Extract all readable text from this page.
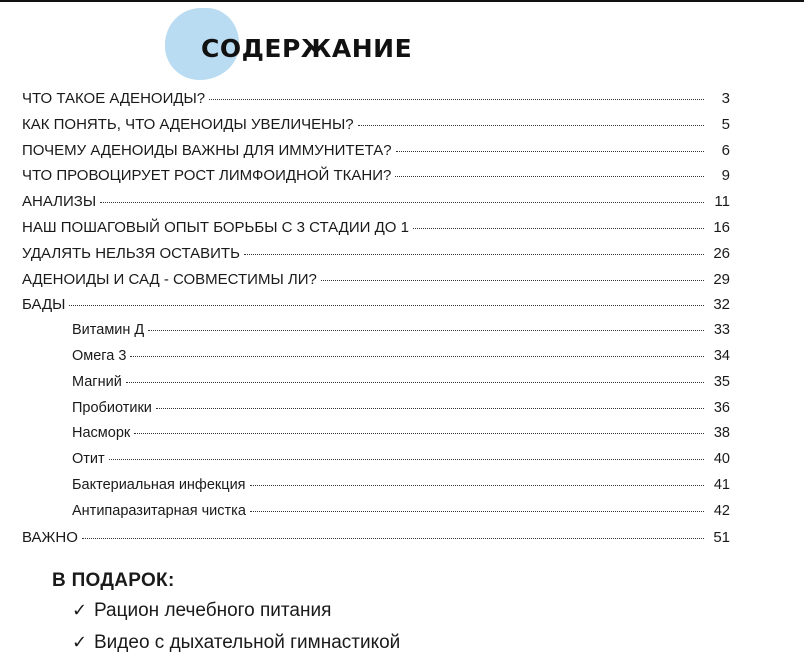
СОДЕРЖАНИЕ
ЧТО ТАКОЕ АДЕНОИДЫ?	3
КАК ПОНЯТЬ, ЧТО АДЕНОИДЫ УВЕЛИЧЕНЫ?	5
ПОЧЕМУ АДЕНОИДЫ ВАЖНЫ ДЛЯ ИММУНИТЕТА?	6
ЧТО ПРОВОЦИРУЕТ РОСТ ЛИМФОИДНОЙ ТКАНИ?	9
АНАЛИЗЫ	11
НАШ ПОШАГОВЫЙ ОПЫТ БОРЬБЫ С 3 СТАДИИ ДО 1	16
УДАЛЯТЬ НЕЛЬЗЯ ОСТАВИТЬ	26
АДЕНОИДЫ И САД - СОВМЕСТИМЫ ЛИ?	29
БАДЫ	32
Витамин Д	33
Омега 3	34
Магний	35
Пробиотики	36
Насморк	38
Отит	40
Бактериальная инфекция	41
Антипаразитарная чистка	42
ВАЖНО	51
В ПОДАРОК:
✓ Рацион лечебного питания
✓ Видео с дыхательной гимнастикой
